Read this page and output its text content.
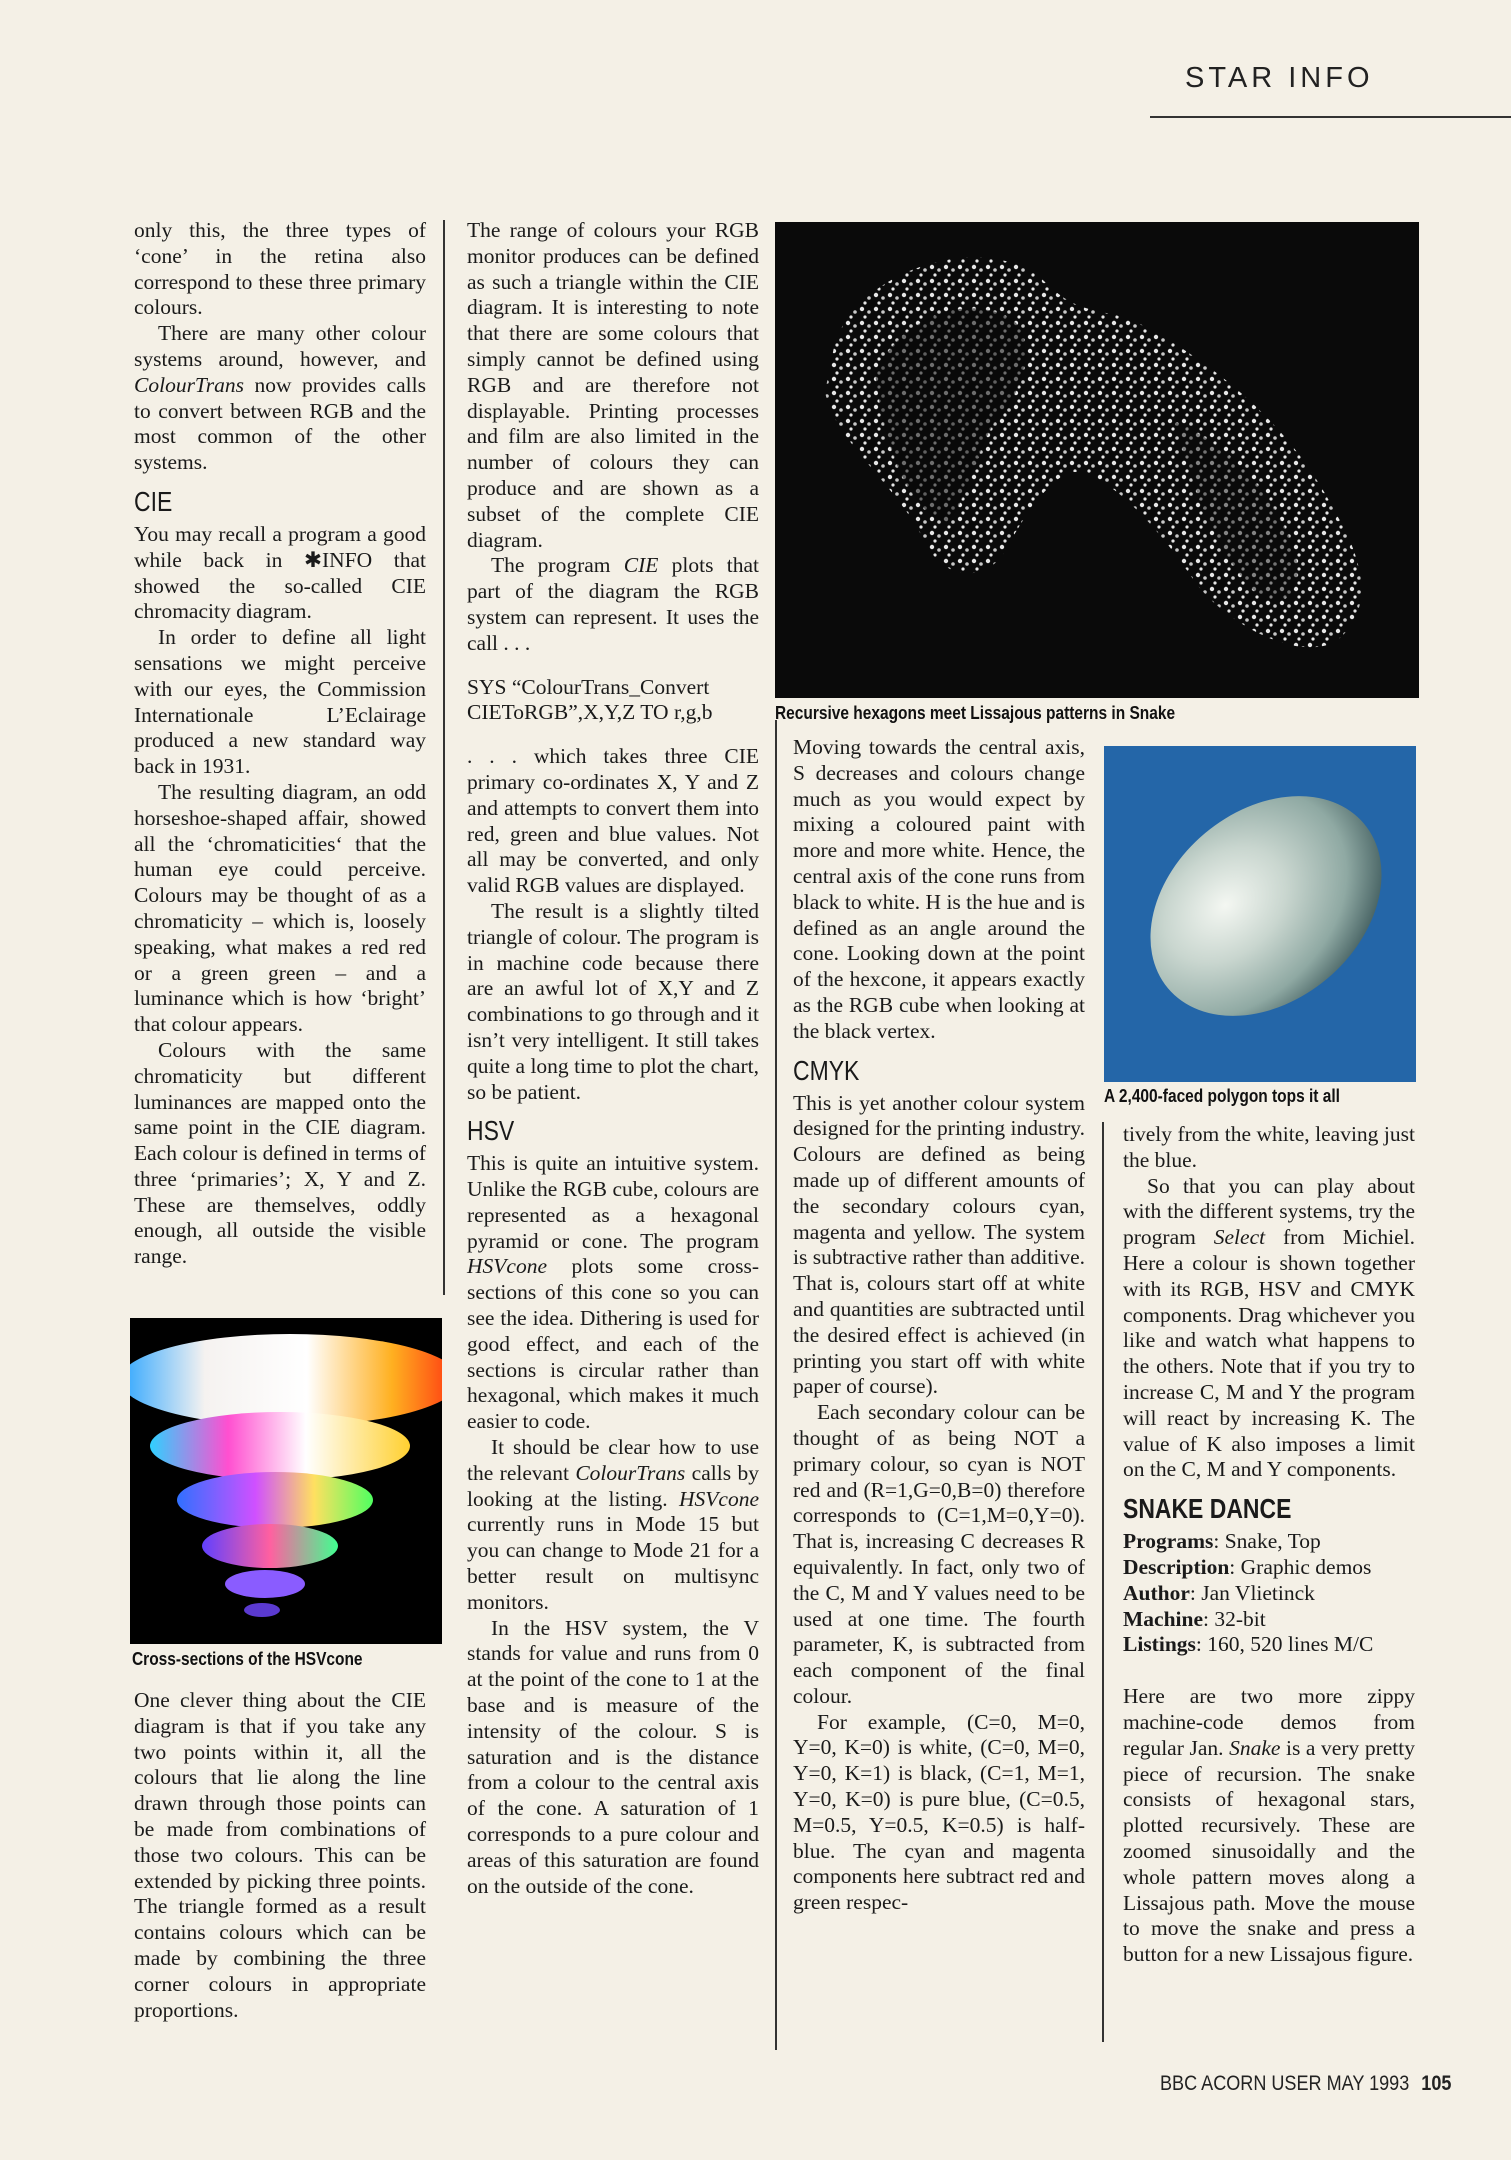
STAR INFO

only this, the three types of ‘cone’ in the retina also correspond to these three primary colours.

There are many other colour systems around, however, and ColourTrans now provides calls to convert between RGB and the most common of the other systems.

CIE

You may recall a program a good while back in ✱INFO that showed the so-called CIE chromacity diagram.

In order to define all light sensations we might perceive with our eyes, the Commission Internationale L’Eclairage produced a new standard way back in 1931.

The resulting diagram, an odd horseshoe-shaped affair, showed all the ‘chromaticities‘ that the human eye could perceive. Colours may be thought of as a chromaticity – which is, loosely speaking, what makes a red red or a green green – and a luminance which is how ‘bright’ that colour appears.

Colours with the same chromaticity but different luminances are mapped onto the same point in the CIE diagram. Each colour is defined in terms of three ‘primaries’; X, Y and Z. These are themselves, oddly enough, all outside the visible range.

Cross-sections of the HSVcone

One clever thing about the CIE diagram is that if you take any two points within it, all the colours that lie along the line drawn through those points can be made from combinations of those two colours. This can be extended by picking three points. The triangle formed as a result contains colours which can be made by combining the three corner colours in appropriate proportions.

The range of colours your RGB monitor produces can be defined as such a triangle within the CIE diagram. It is interesting to note that there are some colours that simply cannot be defined using RGB and are therefore not displayable. Printing processes and film are also limited in the number of colours they can produce and are shown as a subset of the complete CIE diagram.

The program CIE plots that part of the diagram the RGB system can represent. It uses the call . . .

SYS “ColourTrans_Convert CIEToRGB”,X,Y,Z TO r,g,b

. . . which takes three CIE primary co-ordinates X, Y and Z and attempts to convert them into red, green and blue values. Not all may be converted, and only valid RGB values are displayed.

The result is a slightly tilted triangle of colour. The program is in machine code because there are an awful lot of X,Y and Z combinations to go through and it isn’t very intelligent. It still takes quite a long time to plot the chart, so be patient.

HSV

This is quite an intuitive system. Unlike the RGB cube, colours are represented as a hexagonal pyramid or cone. The program HSVcone plots some cross-sections of this cone so you can see the idea. Dithering is used for good effect, and each of the sections is circular rather than hexagonal, which makes it much easier to code.

It should be clear how to use the relevant ColourTrans calls by looking at the listing. HSVcone currently runs in Mode 15 but you can change to Mode 21 for a better result on multisync monitors.

In the HSV system, the V stands for value and runs from 0 at the point of the cone to 1 at the base and is measure of the intensity of the colour. S is saturation and is the distance from a colour to the central axis of the cone. A saturation of 1 corresponds to a pure colour and areas of this saturation are found on the outside of the cone.

Recursive hexagons meet Lissajous patterns in Snake

Moving towards the central axis, S decreases and colours change much as you would expect by mixing a coloured paint with more and more white. Hence, the central axis of the cone runs from black to white. H is the hue and is defined as an angle around the cone. Looking down at the point of the hexcone, it appears exactly as the RGB cube when looking at the black vertex.

CMYK

This is yet another colour system designed for the printing industry. Colours are defined as being made up of different amounts of the secondary colours cyan, magenta and yellow. The system is subtractive rather than additive. That is, colours start off at white and quantities are subtracted until the desired effect is achieved (in printing you start off with white paper of course).

Each secondary colour can be thought of as being NOT a primary colour, so cyan is NOT red and (R=1,G=0,B=0) therefore corresponds to (C=1,M=0,Y=0). That is, increasing C decreases R equivalently. In fact, only two of the C, M and Y values need to be used at one time. The fourth parameter, K, is subtracted from each component of the final colour.

For example, (C=0, M=0, Y=0, K=0) is white, (C=0, M=0, Y=0, K=1) is black, (C=1, M=1, Y=0, K=0) is pure blue, (C=0.5, M=0.5, Y=0.5, K=0.5) is half-blue. The cyan and magenta components here subtract red and green respec-

A 2,400-faced polygon tops it all

tively from the white, leaving just the blue.

So that you can play about with the different systems, try the program Select from Michiel. Here a colour is shown together with its RGB, HSV and CMYK components. Drag whichever you like and watch what happens to the others. Note that if you try to increase C, M and Y the program will react by increasing K. The value of K also imposes a limit on the C, M and Y components.

SNAKE DANCE

Programs: Snake, Top

Description: Graphic demos

Author: Jan Vlietinck

Machine: 32-bit

Listings: 160, 520 lines M/C

Here are two more zippy machine-code demos from regular Jan. Snake is a very pretty piece of recursion. The snake consists of hexagonal stars, plotted recursively. These are zoomed sinusoidally and the whole pattern moves along a Lissajous path. Move the mouse to move the snake and press a button for a new Lissajous figure.

BBC ACORN USER MAY 1993 105
